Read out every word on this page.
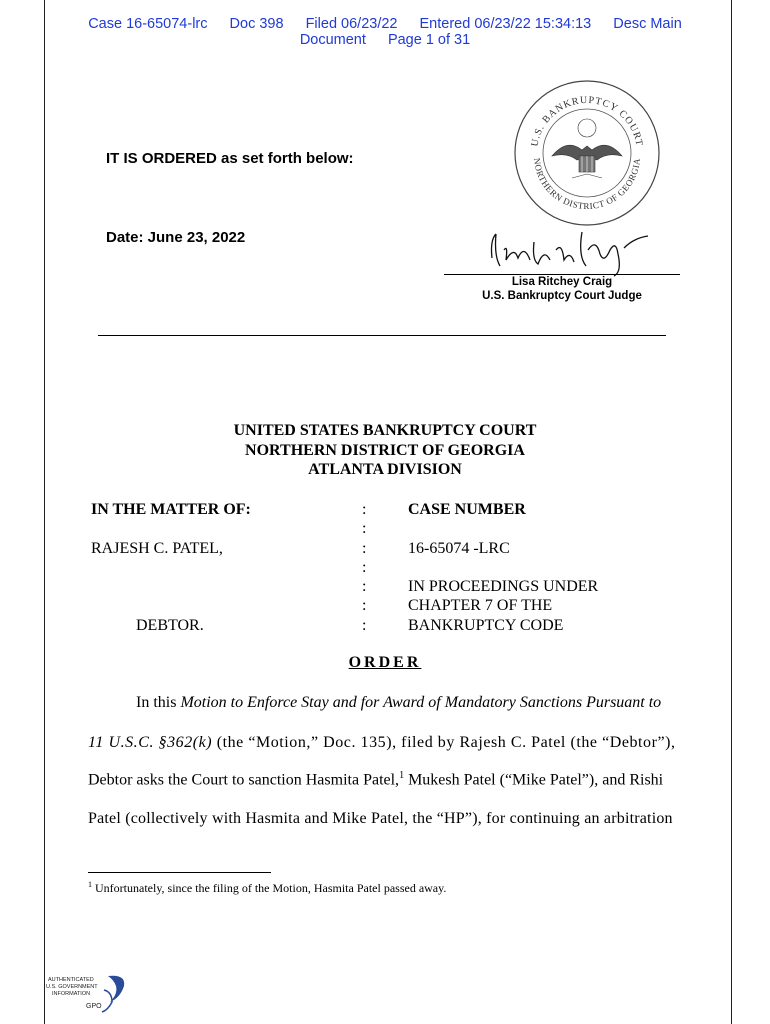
Case 16-65074-lrc Doc 398 Filed 06/23/22 Entered 06/23/22 15:34:13 Desc Main
Document Page 1 of 31
U.S. BANKRUPTCY COURT
NORTHERN DISTRICT OF GEORGIA
IT IS ORDERED as set forth below:
Date: June 23, 2022
Lisa Ritchey Craig
U.S. Bankruptcy Court Judge
UNITED STATES BANKRUPTCY COURT
NORTHERN DISTRICT OF GEORGIA
ATLANTA DIVISION
IN THE MATTER OF:
RAJESH C. PATEL,
DEBTOR.
:
:
:
:
:
:
:
CASE NUMBER
16-65074 -LRC
IN PROCEEDINGS UNDER
CHAPTER 7 OF THE
BANKRUPTCY CODE
ORDER
In this Motion to Enforce Stay and for Award of Mandatory Sanctions Pursuant to
11 U.S.C. §362(k) (the “Motion,” Doc. 135), filed by Rajesh C. Patel (the “Debtor”),
Debtor asks the Court to sanction Hasmita Patel,$^1$ Mukesh Patel (“Mike Patel”), and Rishi
Patel (collectively with Hasmita and Mike Patel, the “HP”), for continuing an arbitration
$^1$ Unfortunately, since the filing of the Motion, Hasmita Patel passed away.
AUTHENTICATED
U.S. GOVERNMENT
INFORMATION
GPO
